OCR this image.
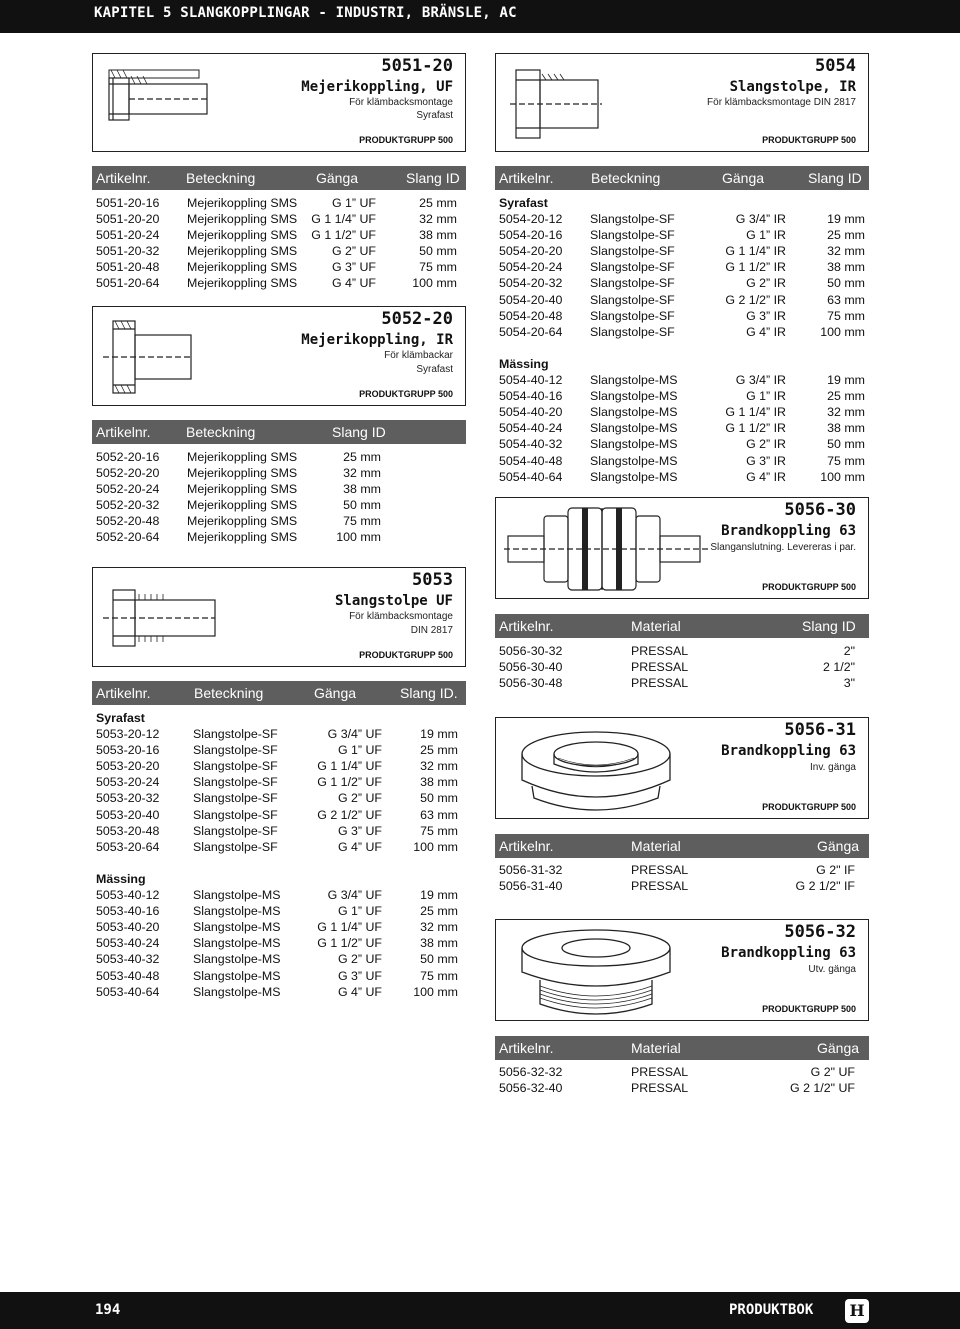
KAPITEL 5 SLANGKOPPLINGAR - INDUSTRI, BRÄNSLE, AC
5051-20
Mejerikoppling, UF
För klämbacksmontage
Syrafast
PRODUKTGRUPP 500
Artikelnr.	Beteckning	Gänga	Slang ID
5051-20-16 Mejerikoppling SMS	G 1” UF	25 mm
5051-20-20 Mejerikoppling SMS G 1 1/4” UF	32 mm
5051-20-24 Mejerikoppling SMS G 1 1/2” UF	38 mm
5051-20-32 Mejerikoppling SMS	G 2” UF	50 mm
5051-20-48 Mejerikoppling SMS	G 3” UF	75 mm
5051-20-64 Mejerikoppling SMS	G 4” UF	100 mm
5052-20
Mejerikoppling, IR
För klämbackar
Syrafast
PRODUKTGRUPP 500
Artikelnr.	Beteckning	Slang ID
5052-20-16 Mejerikoppling SMS	25 mm
5052-20-20 Mejerikoppling SMS	32 mm
5052-20-24 Mejerikoppling SMS	38 mm
5052-20-32 Mejerikoppling SMS	50 mm
5052-20-48 Mejerikoppling SMS	75 mm
5052-20-64 Mejerikoppling SMS	100 mm
5053
Slangstolpe UF
För klämbacksmontage
DIN 2817
PRODUKTGRUPP 500
Artikelnr.	Beteckning	Gänga	Slang ID.
Syrafast
5053-20-12	Slangstolpe-SF	G 3/4” UF	19 mm
5053-20-16	Slangstolpe-SF	G 1” UF	25 mm
5053-20-20	Slangstolpe-SF	G 1 1/4” UF	32 mm
5053-20-24	Slangstolpe-SF	G 1 1/2” UF	38 mm
5053-20-32	Slangstolpe-SF	G 2” UF	50 mm
5053-20-40	Slangstolpe-SF	G 2 1/2” UF	63 mm
5053-20-48	Slangstolpe-SF	G 3” UF	75 mm
5053-20-64	Slangstolpe-SF	G 4” UF	100 mm
Mässing
5053-40-12	Slangstolpe-MS	G 3/4” UF	19 mm
5053-40-16	Slangstolpe-MS	G 1” UF	25 mm
5053-40-20	Slangstolpe-MS	G 1 1/4” UF	32 mm
5053-40-24	Slangstolpe-MS	G 1 1/2” UF	38 mm
5053-40-32	Slangstolpe-MS	G 2” UF	50 mm
5053-40-48	Slangstolpe-MS	G 3” UF	75 mm
5053-40-64	Slangstolpe-MS	G 4” UF	100 mm
5054
Slangstolpe, IR
För klämbacksmontage DIN 2817
PRODUKTGRUPP 500
Artikelnr.	Beteckning	Gänga	Slang ID
Syrafast
5054-20-12 Slangstolpe-SF	G 3/4” IR	19 mm
5054-20-16 Slangstolpe-SF	G 1” IR	25 mm
5054-20-20 Slangstolpe-SF	G 1 1/4” IR	32 mm
5054-20-24 Slangstolpe-SF	G 1 1/2” IR	38 mm
5054-20-32 Slangstolpe-SF	G 2” IR	50 mm
5054-20-40 Slangstolpe-SF	G 2 1/2” IR	63 mm
5054-20-48 Slangstolpe-SF	G 3” IR	75 mm
5054-20-64 Slangstolpe-SF	G 4” IR	100 mm
Mässing
5054-40-12 Slangstolpe-MS	G 3/4” IR	19 mm
5054-40-16 Slangstolpe-MS	G 1” IR	25 mm
5054-40-20 Slangstolpe-MS	G 1 1/4” IR	32 mm
5054-40-24 Slangstolpe-MS	G 1 1/2” IR	38 mm
5054-40-32 Slangstolpe-MS	G 2” IR	50 mm
5054-40-48 Slangstolpe-MS	G 3” IR	75 mm
5054-40-64 Slangstolpe-MS	G 4” IR	100 mm
5056-30
Brandkoppling 63
Slanganslutning. Levereras i par.
PRODUKTGRUPP 500
Artikelnr.	Material	Slang ID
5056-30-32	PRESSAL	2"
5056-30-40	PRESSAL	2 1/2"
5056-30-48	PRESSAL	3"
5056-31
Brandkoppling 63
Inv. gänga
PRODUKTGRUPP 500
Artikelnr.	Material	Gänga
5056-31-32	PRESSAL	G 2" IF
5056-31-40	PRESSAL	G 2 1/2" IF
5056-32
Brandkoppling 63
Utv. gänga
PRODUKTGRUPP 500
Artikelnr.	Material	Gänga
5056-32-32	PRESSAL	G 2" UF
5056-32-40	PRESSAL	G 2 1/2" UF
194	PRODUKTBOK H
